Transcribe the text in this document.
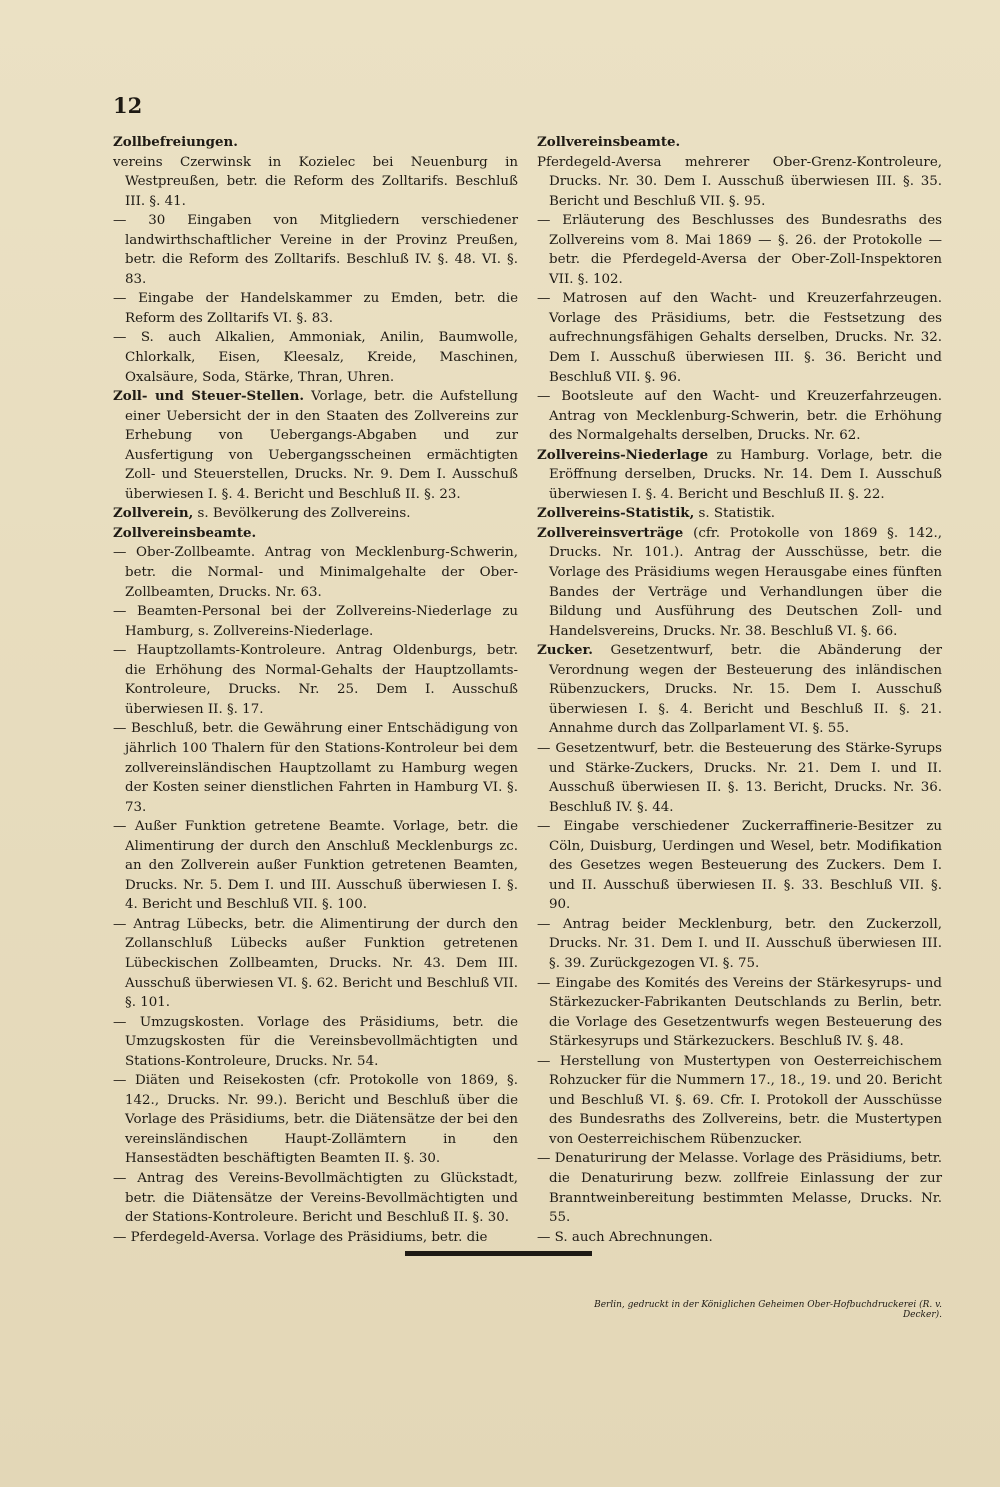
12

Zollbefreiungen.

vereins Czerwinsk in Kozielec bei Neuenburg in Westpreußen, betr. die Reform des Zolltarifs. Beschluß III. §. 41.

— 30 Eingaben von Mitgliedern verschiedener landwirthschaftlicher Vereine in der Provinz Preußen, betr. die Reform des Zolltarifs. Beschluß IV. §. 48. VI. §. 83.

— Eingabe der Handelskammer zu Emden, betr. die Reform des Zolltarifs VI. §. 83.

— S. auch Alkalien, Ammoniak, Anilin, Baumwolle, Chlorkalk, Eisen, Kleesalz, Kreide, Maschinen, Oxalsäure, Soda, Stärke, Thran, Uhren.

Zoll- und Steuer-Stellen. Vorlage, betr. die Aufstellung einer Uebersicht der in den Staaten des Zollvereins zur Erhebung von Uebergangs-Abgaben und zur Ausfertigung von Uebergangsscheinen ermächtigten Zoll- und Steuerstellen, Drucks. Nr. 9. Dem I. Ausschuß überwiesen I. §. 4. Bericht und Beschluß II. §. 23.

Zollverein, s. Bevölkerung des Zollvereins.

Zollvereinsbeamte.

— Ober-Zollbeamte. Antrag von Mecklenburg-Schwerin, betr. die Normal- und Minimalgehalte der Ober-Zollbeamten, Drucks. Nr. 63.

— Beamten-Personal bei der Zollvereins-Niederlage zu Hamburg, s. Zollvereins-Niederlage.

— Hauptzollamts-Kontroleure. Antrag Oldenburgs, betr. die Erhöhung des Normal-Gehalts der Hauptzollamts-Kontroleure, Drucks. Nr. 25. Dem I. Ausschuß überwiesen II. §. 17.

— Beschluß, betr. die Gewährung einer Entschädigung von jährlich 100 Thalern für den Stations-Kontroleur bei dem zollvereinsländischen Hauptzollamt zu Hamburg wegen der Kosten seiner dienstlichen Fahrten in Hamburg VI. §. 73.

— Außer Funktion getretene Beamte. Vorlage, betr. die Alimentirung der durch den Anschluß Mecklenburgs zc. an den Zollverein außer Funktion getretenen Beamten, Drucks. Nr. 5. Dem I. und III. Ausschuß überwiesen I. §. 4. Bericht und Beschluß VII. §. 100.

— Antrag Lübecks, betr. die Alimentirung der durch den Zollanschluß Lübecks außer Funktion getretenen Lübeckischen Zollbeamten, Drucks. Nr. 43. Dem III. Ausschuß überwiesen VI. §. 62. Bericht und Beschluß VII. §. 101.

— Umzugskosten. Vorlage des Präsidiums, betr. die Umzugskosten für die Vereinsbevollmächtigten und Stations-Kontroleure, Drucks. Nr. 54.

— Diäten und Reisekosten (cfr. Protokolle von 1869, §. 142., Drucks. Nr. 99.). Bericht und Beschluß über die Vorlage des Präsidiums, betr. die Diätensätze der bei den vereinsländischen Haupt-Zollämtern in den Hansestädten beschäftigten Beamten II. §. 30.

— Antrag des Vereins-Bevollmächtigten zu Glückstadt, betr. die Diätensätze der Vereins-Bevollmächtigten und der Stations-Kontroleure. Bericht und Beschluß II. §. 30.

— Pferdegeld-Aversa. Vorlage des Präsidiums, betr. die

Zollvereinsbeamte.

Pferdegeld-Aversa mehrerer Ober-Grenz-Kontroleure, Drucks. Nr. 30. Dem I. Ausschuß überwiesen III. §. 35. Bericht und Beschluß VII. §. 95.

— Erläuterung des Beschlusses des Bundesraths des Zollvereins vom 8. Mai 1869 — §. 26. der Protokolle — betr. die Pferdegeld-Aversa der Ober-Zoll-Inspektoren VII. §. 102.

— Matrosen auf den Wacht- und Kreuzerfahrzeugen. Vorlage des Präsidiums, betr. die Festsetzung des aufrechnungsfähigen Gehalts derselben, Drucks. Nr. 32. Dem I. Ausschuß überwiesen III. §. 36. Bericht und Beschluß VII. §. 96.

— Bootsleute auf den Wacht- und Kreuzerfahrzeugen. Antrag von Mecklenburg-Schwerin, betr. die Erhöhung des Normalgehalts derselben, Drucks. Nr. 62.

Zollvereins-Niederlage zu Hamburg. Vorlage, betr. die Eröffnung derselben, Drucks. Nr. 14. Dem I. Ausschuß überwiesen I. §. 4. Bericht und Beschluß II. §. 22.

Zollvereins-Statistik, s. Statistik.

Zollvereinsverträge (cfr. Protokolle von 1869 §. 142., Drucks. Nr. 101.). Antrag der Ausschüsse, betr. die Vorlage des Präsidiums wegen Herausgabe eines fünften Bandes der Verträge und Verhandlungen über die Bildung und Ausführung des Deutschen Zoll- und Handelsvereins, Drucks. Nr. 38. Beschluß VI. §. 66.

Zucker. Gesetzentwurf, betr. die Abänderung der Verordnung wegen der Besteuerung des inländischen Rübenzuckers, Drucks. Nr. 15. Dem I. Ausschuß überwiesen I. §. 4. Bericht und Beschluß II. §. 21. Annahme durch das Zollparlament VI. §. 55.

— Gesetzentwurf, betr. die Besteuerung des Stärke-Syrups und Stärke-Zuckers, Drucks. Nr. 21. Dem I. und II. Ausschuß überwiesen II. §. 13. Bericht, Drucks. Nr. 36. Beschluß IV. §. 44.

— Eingabe verschiedener Zuckerraffinerie-Besitzer zu Cöln, Duisburg, Uerdingen und Wesel, betr. Modifikation des Gesetzes wegen Besteuerung des Zuckers. Dem I. und II. Ausschuß überwiesen II. §. 33. Beschluß VII. §. 90.

— Antrag beider Mecklenburg, betr. den Zuckerzoll, Drucks. Nr. 31. Dem I. und II. Ausschuß überwiesen III. §. 39. Zurückgezogen VI. §. 75.

— Eingabe des Komités des Vereins der Stärkesyrups- und Stärkezucker-Fabrikanten Deutschlands zu Berlin, betr. die Vorlage des Gesetzentwurfs wegen Besteuerung des Stärkesyrups und Stärkezuckers. Beschluß IV. §. 48.

— Herstellung von Mustertypen von Oesterreichischem Rohzucker für die Nummern 17., 18., 19. und 20. Bericht und Beschluß VI. §. 69. Cfr. I. Protokoll der Ausschüsse des Bundesraths des Zollvereins, betr. die Mustertypen von Oesterreichischem Rübenzucker.

— Denaturirung der Melasse. Vorlage des Präsidiums, betr. die Denaturirung bezw. zollfreie Einlassung der zur Branntweinbereitung bestimmten Melasse, Drucks. Nr. 55.

— S. auch Abrechnungen.

Berlin, gedruckt in der Königlichen Geheimen Ober-Hofbuchdruckerei (R. v. Decker).
